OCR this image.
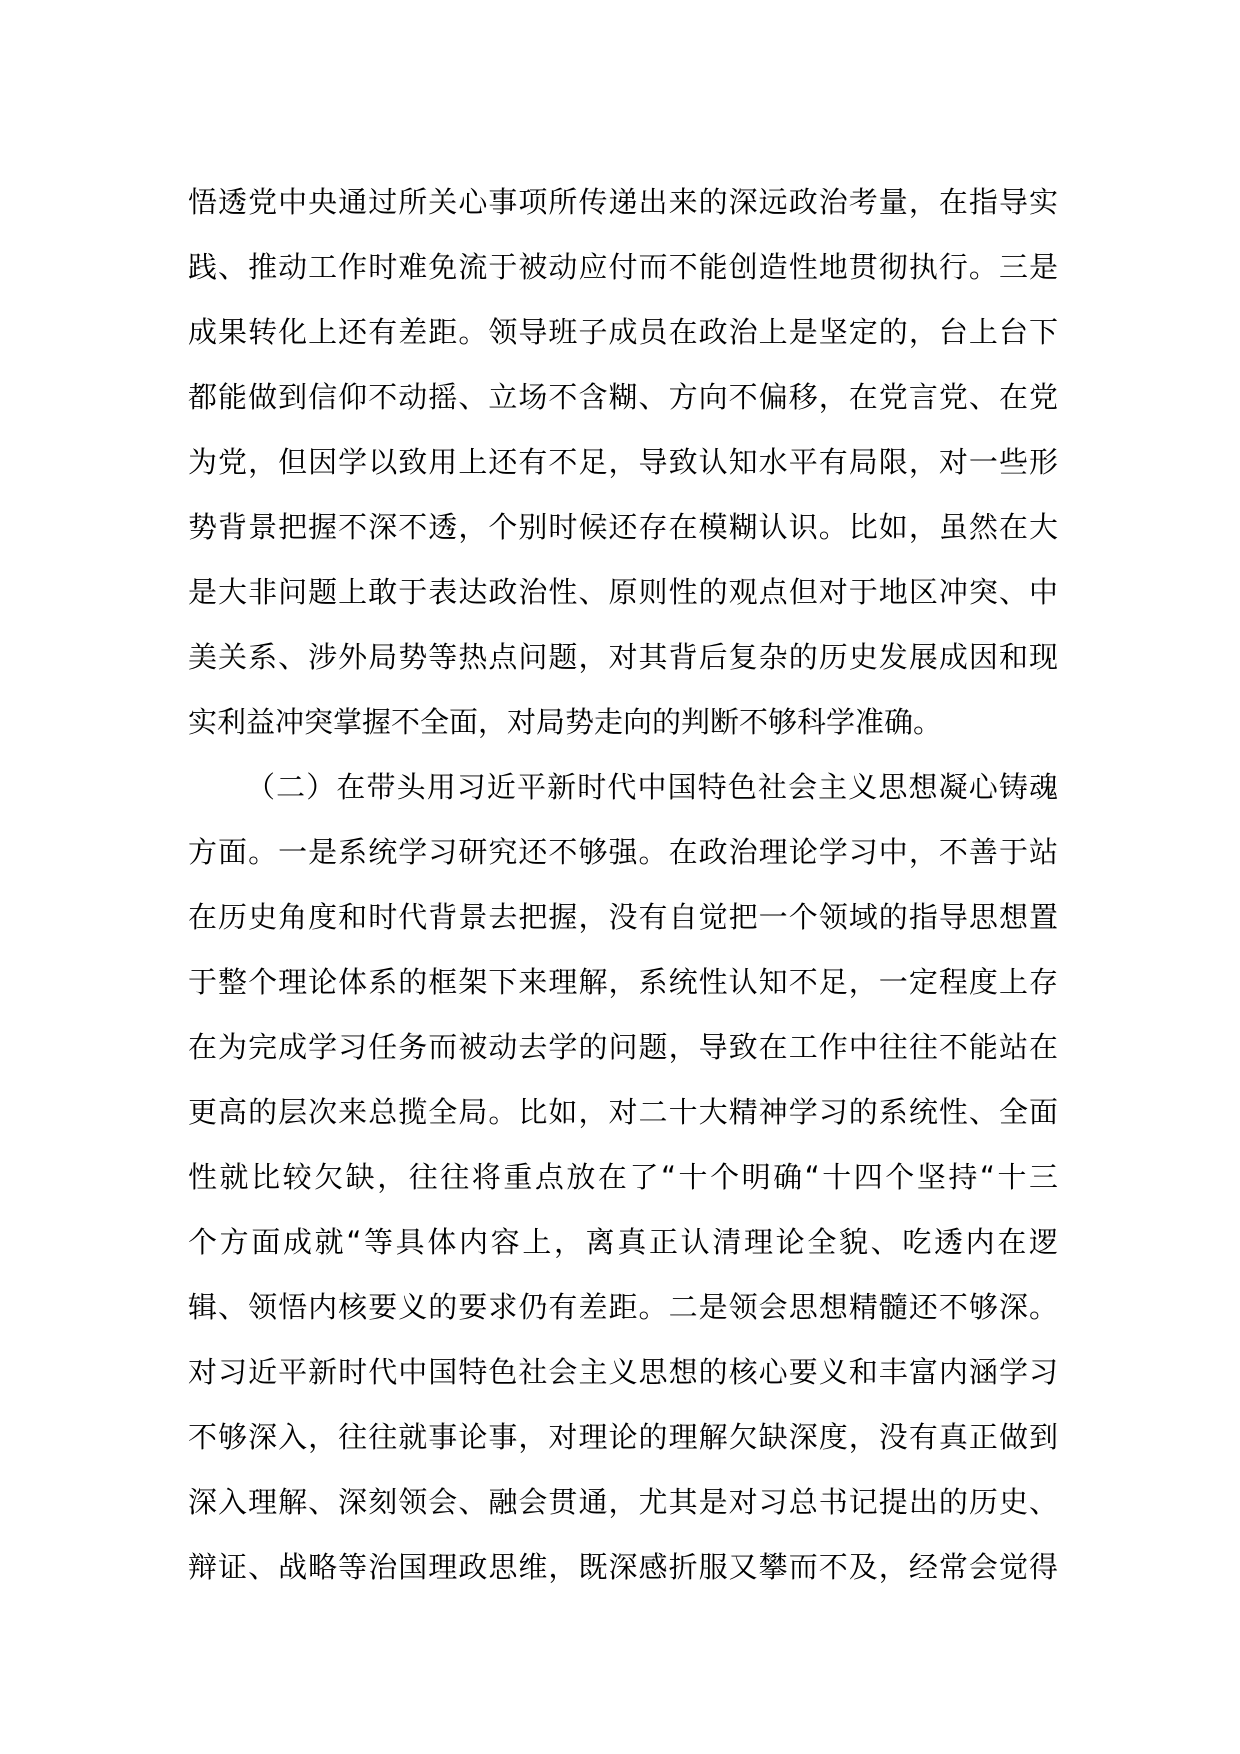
悟透党中央通过所关心事项所传递出来的深远政治考量，在指导实
践、推动工作时难免流于被动应付而不能创造性地贯彻执行。三是
成果转化上还有差距。领导班子成员在政治上是坚定的，台上台下
都能做到信仰不动摇、立场不含糊、方向不偏移，在党言党、在党
为党，但因学以致用上还有不足，导致认知水平有局限，对一些形
势背景把握不深不透，个别时候还存在模糊认识。比如，虽然在大
是大非问题上敢于表达政治性、原则性的观点但对于地区冲突、中
美关系、涉外局势等热点问题，对其背后复杂的历史发展成因和现
实利益冲突掌握不全面，对局势走向的判断不够科学准确。
（二）在带头用习近平新时代中国特色社会主义思想凝心铸魂
方面。一是系统学习研究还不够强。在政治理论学习中，不善于站
在历史角度和时代背景去把握，没有自觉把一个领域的指导思想置
于整个理论体系的框架下来理解，系统性认知不足，一定程度上存
在为完成学习任务而被动去学的问题，导致在工作中往往不能站在
更高的层次来总揽全局。比如，对二十大精神学习的系统性、全面
性就比较欠缺，往往将重点放在了“十个明确“十四个坚持“十三
个方面成就“等具体内容上，离真正认清理论全貌、吃透内在逻
辑、领悟内核要义的要求仍有差距。二是领会思想精髓还不够深。
对习近平新时代中国特色社会主义思想的核心要义和丰富内涵学习
不够深入，往往就事论事，对理论的理解欠缺深度，没有真正做到
深入理解、深刻领会、融会贯通，尤其是对习总书记提出的历史、
辩证、战略等治国理政思维，既深感折服又攀而不及，经常会觉得
